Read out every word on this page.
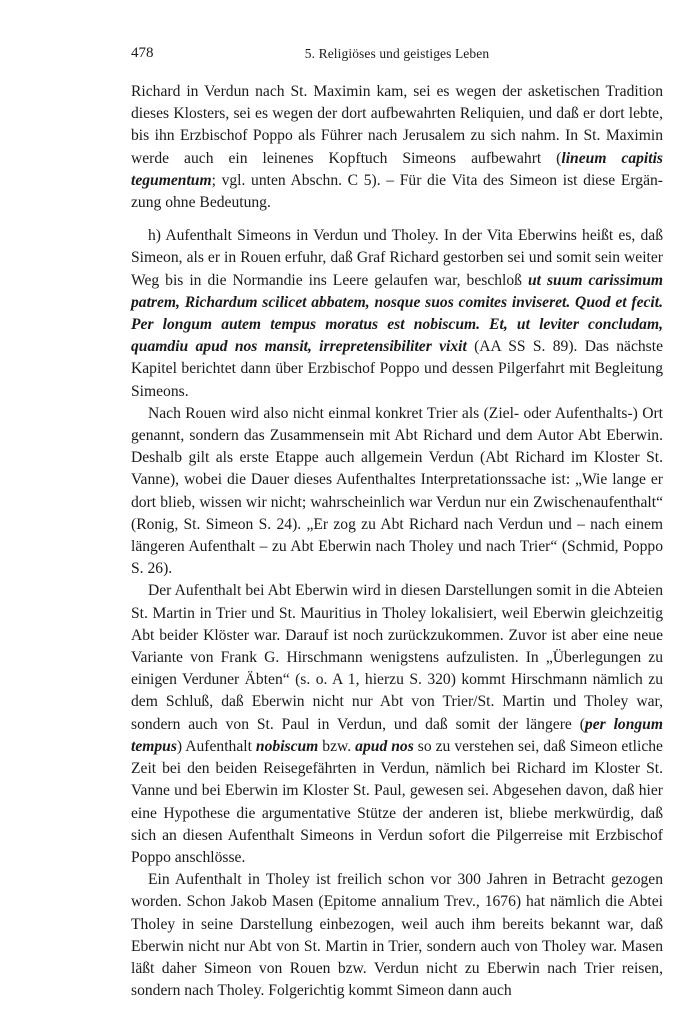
478	5. Religiöses und geistiges Leben

Richard in Verdun nach St. Maximin kam, sei es wegen der asketischen Tradition dieses Klosters, sei es wegen der dort aufbewahrten Reliquien, und daß er dort lebte, bis ihn Erzbischof Poppo als Führer nach Jerusalem zu sich nahm. In St. Maximin werde auch ein leinenes Kopftuch Simeons aufbewahrt (lineum capitis tegumentum; vgl. unten Abschn. C 5). – Für die Vita des Simeon ist diese Ergänzung ohne Bedeutung.

h) Aufenthalt Simeons in Verdun und Tholey. In der Vita Eberwins heißt es, daß Simeon, als er in Rouen erfuhr, daß Graf Richard gestorben sei und somit sein weiter Weg bis in die Normandie ins Leere gelaufen war, beschloß ut suum carissimum patrem, Richardum scilicet abbatem, nosque suos comites inviseret. Quod et fecit. Per longum autem tempus moratus est nobiscum. Et, ut leviter concludam, quamdiu apud nos mansit, irrepretensibiliter vixit (AA SS S. 89). Das nächste Kapitel berichtet dann über Erzbischof Poppo und dessen Pilgerfahrt mit Begleitung Simeons.

Nach Rouen wird also nicht einmal konkret Trier als (Ziel- oder Aufenthalts-) Ort genannt, sondern das Zusammensein mit Abt Richard und dem Autor Abt Eberwin. Deshalb gilt als erste Etappe auch allgemein Verdun (Abt Richard im Kloster St. Vanne), wobei die Dauer dieses Aufenthaltes Interpretationssache ist: „Wie lange er dort blieb, wissen wir nicht; wahrscheinlich war Verdun nur ein Zwischenaufenthalt“ (Ronig, St. Simeon S. 24). „Er zog zu Abt Richard nach Verdun und – nach einem längeren Aufenthalt – zu Abt Eberwin nach Tholey und nach Trier“ (Schmid, Poppo S. 26).

Der Aufenthalt bei Abt Eberwin wird in diesen Darstellungen somit in die Abteien St. Martin in Trier und St. Mauritius in Tholey lokalisiert, weil Eberwin gleichzeitig Abt beider Klöster war. Darauf ist noch zurückzukommen. Zuvor ist aber eine neue Variante von Frank G. Hirschmann wenigstens aufzulisten. In „Überlegungen zu einigen Verduner Äbten“ (s. o. A 1, hierzu S. 320) kommt Hirschmann nämlich zu dem Schluß, daß Eberwin nicht nur Abt von Trier/St. Martin und Tholey war, sondern auch von St. Paul in Verdun, und daß somit der längere (per longum tempus) Aufenthalt nobiscum bzw. apud nos so zu verstehen sei, daß Simeon etliche Zeit bei den beiden Reisegefährten in Verdun, nämlich bei Richard im Kloster St. Vanne und bei Eberwin im Kloster St. Paul, gewesen sei. Abgesehen davon, daß hier eine Hypothese die argumentative Stütze der anderen ist, bliebe merkwürdig, daß sich an diesen Aufenthalt Simeons in Verdun sofort die Pilgerreise mit Erzbischof Poppo anschlösse.

Ein Aufenthalt in Tholey ist freilich schon vor 300 Jahren in Betracht gezogen worden. Schon Jakob Masen (Epitome annalium Trev., 1676) hat nämlich die Abtei Tholey in seine Darstellung einbezogen, weil auch ihm bereits bekannt war, daß Eberwin nicht nur Abt von St. Martin in Trier, sondern auch von Tholey war. Masen läßt daher Simeon von Rouen bzw. Verdun nicht zu Eberwin nach Trier reisen, sondern nach Tholey. Folgerichtig kommt Simeon dann auch
